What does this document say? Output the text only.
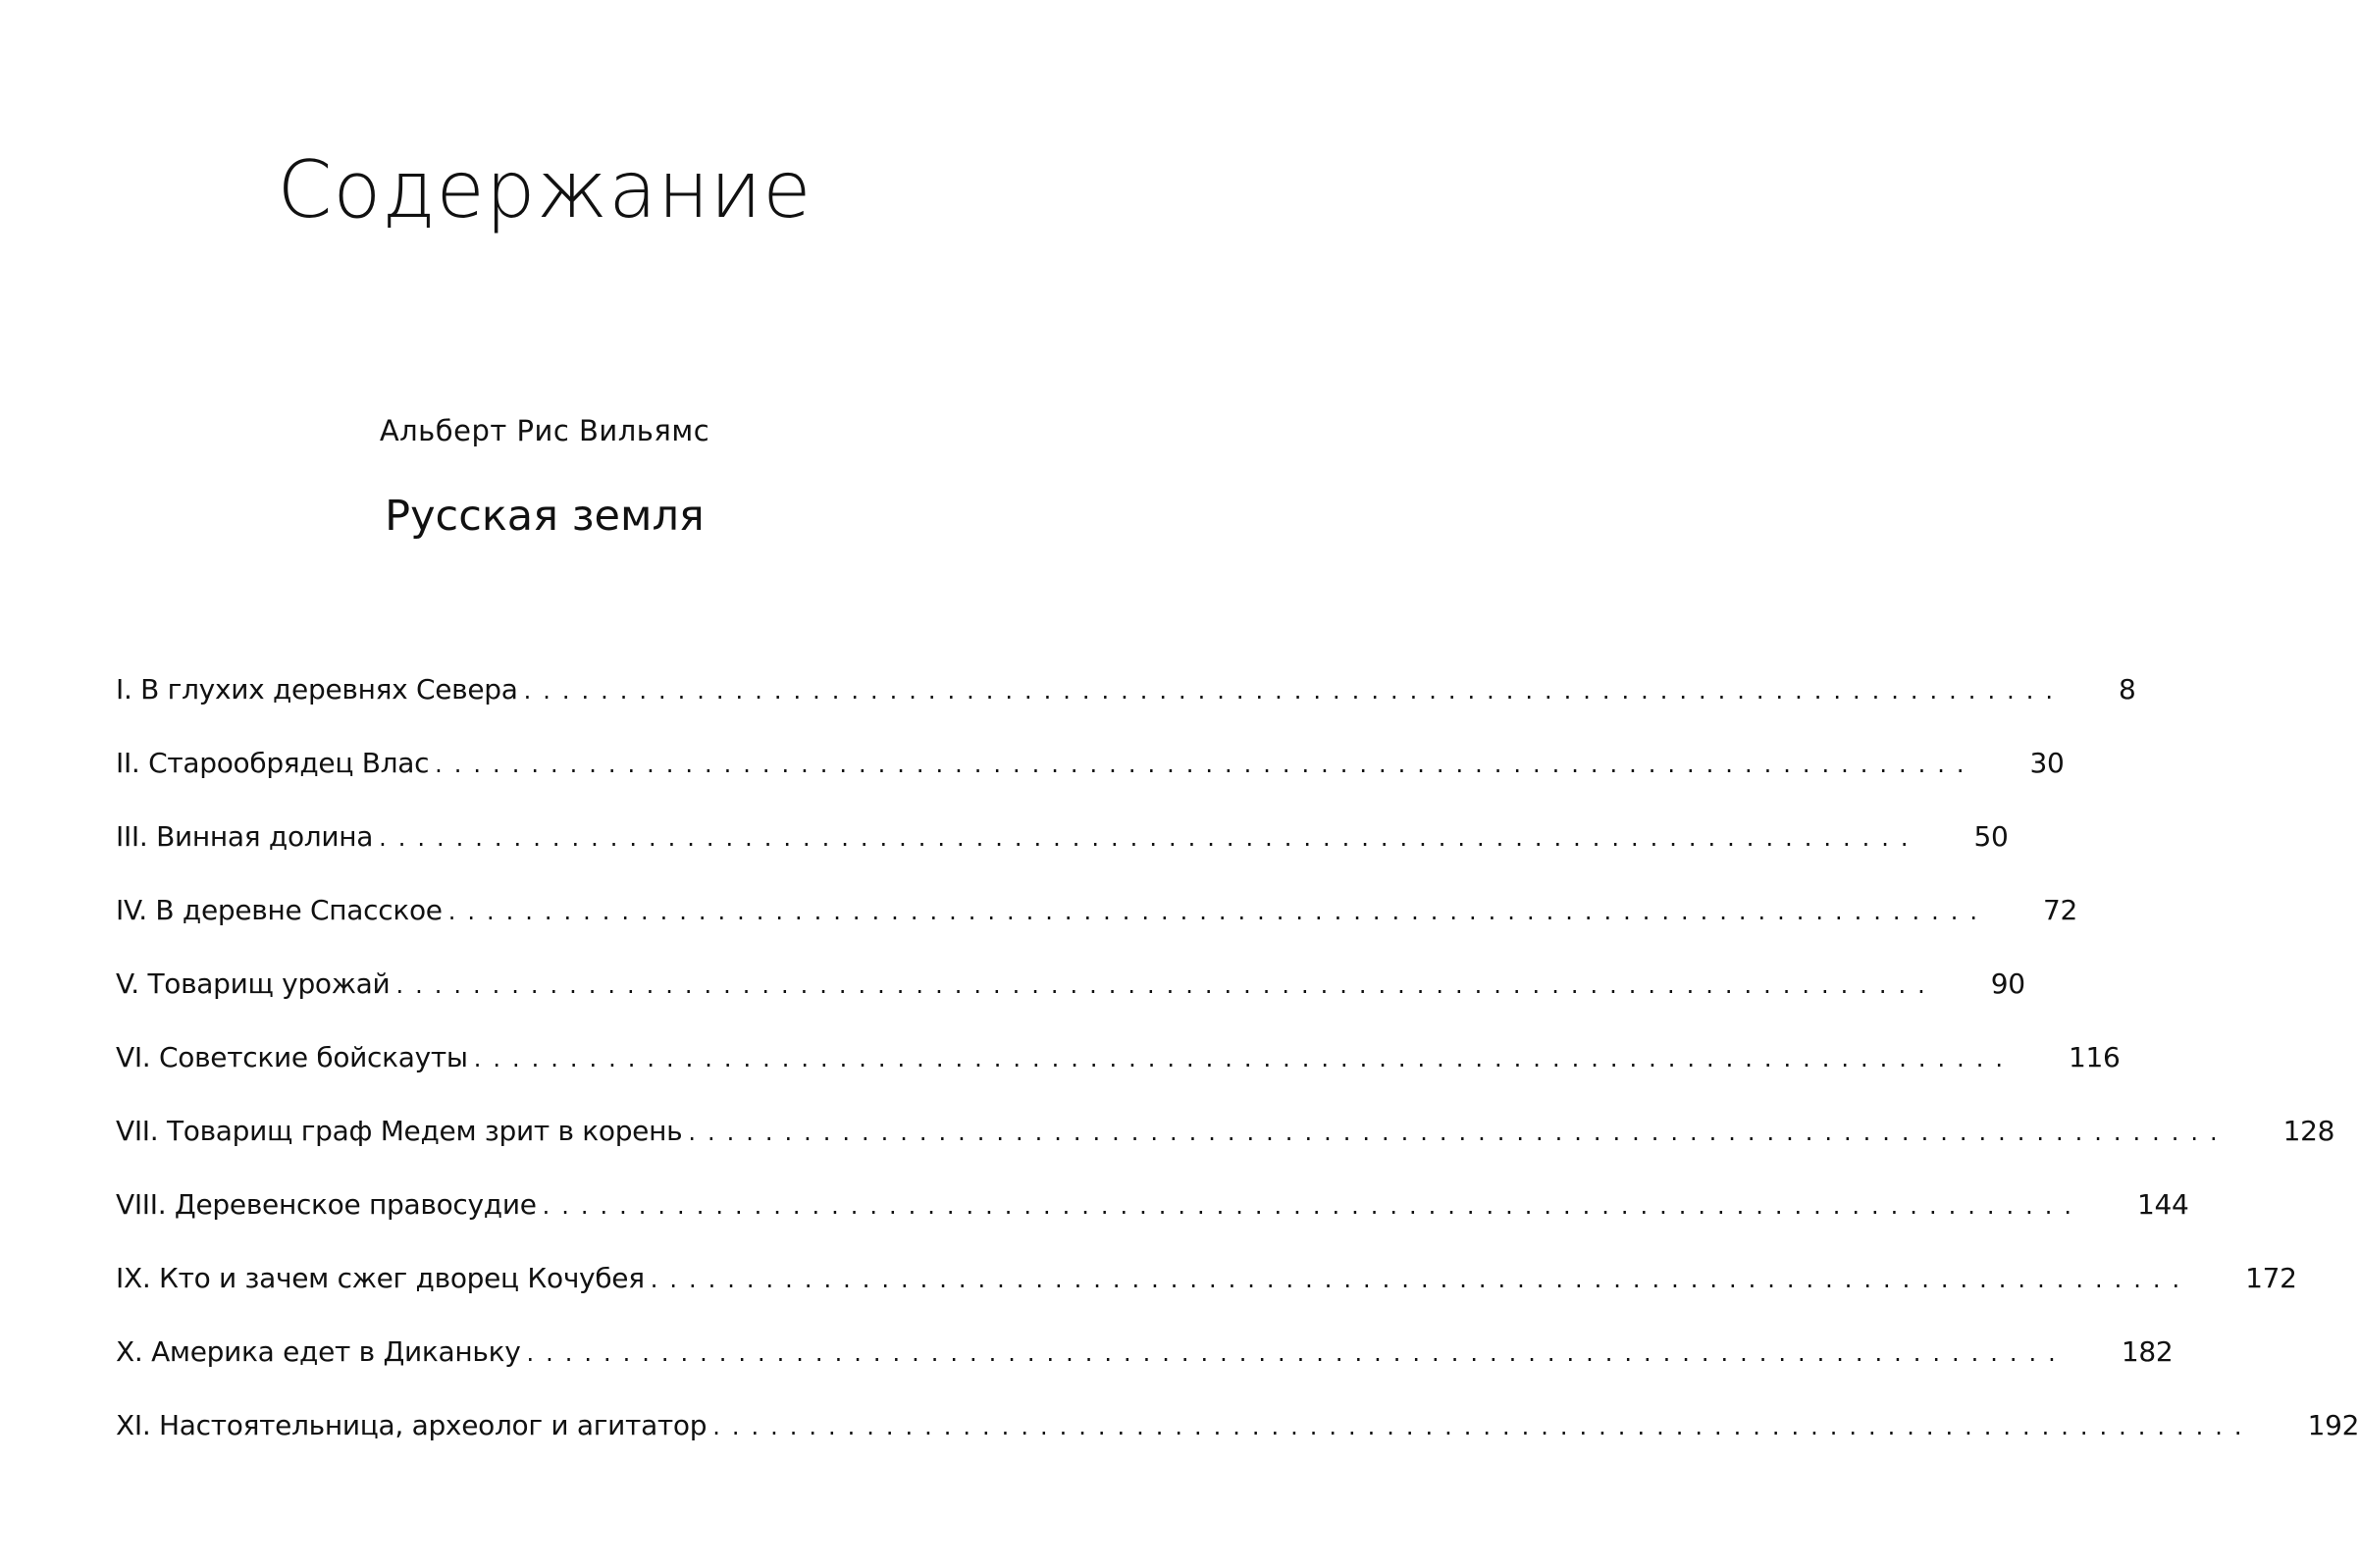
Содержание
Альберт Рис Вильямс
Русская земля
I. В глухих деревнях Севера ................................................................................ 8
II. Старообрядец Влас ................................................................................ 30
III. Винная долина ................................................................................ 50
IV. В деревне Спасское ................................................................................ 72
V. Товарищ урожай ................................................................................ 90
VI. Советские бойскауты ................................................................................ 116
VII. Товарищ граф Медем зрит в корень ................................................................................ 128
VIII. Деревенское правосудие ................................................................................ 144
IX. Кто и зачем сжег дворец Кочубея ................................................................................ 172
X. Америка едет в Диканьку ................................................................................ 182
XI. Настоятельница, археолог и агитатор ................................................................................ 192
